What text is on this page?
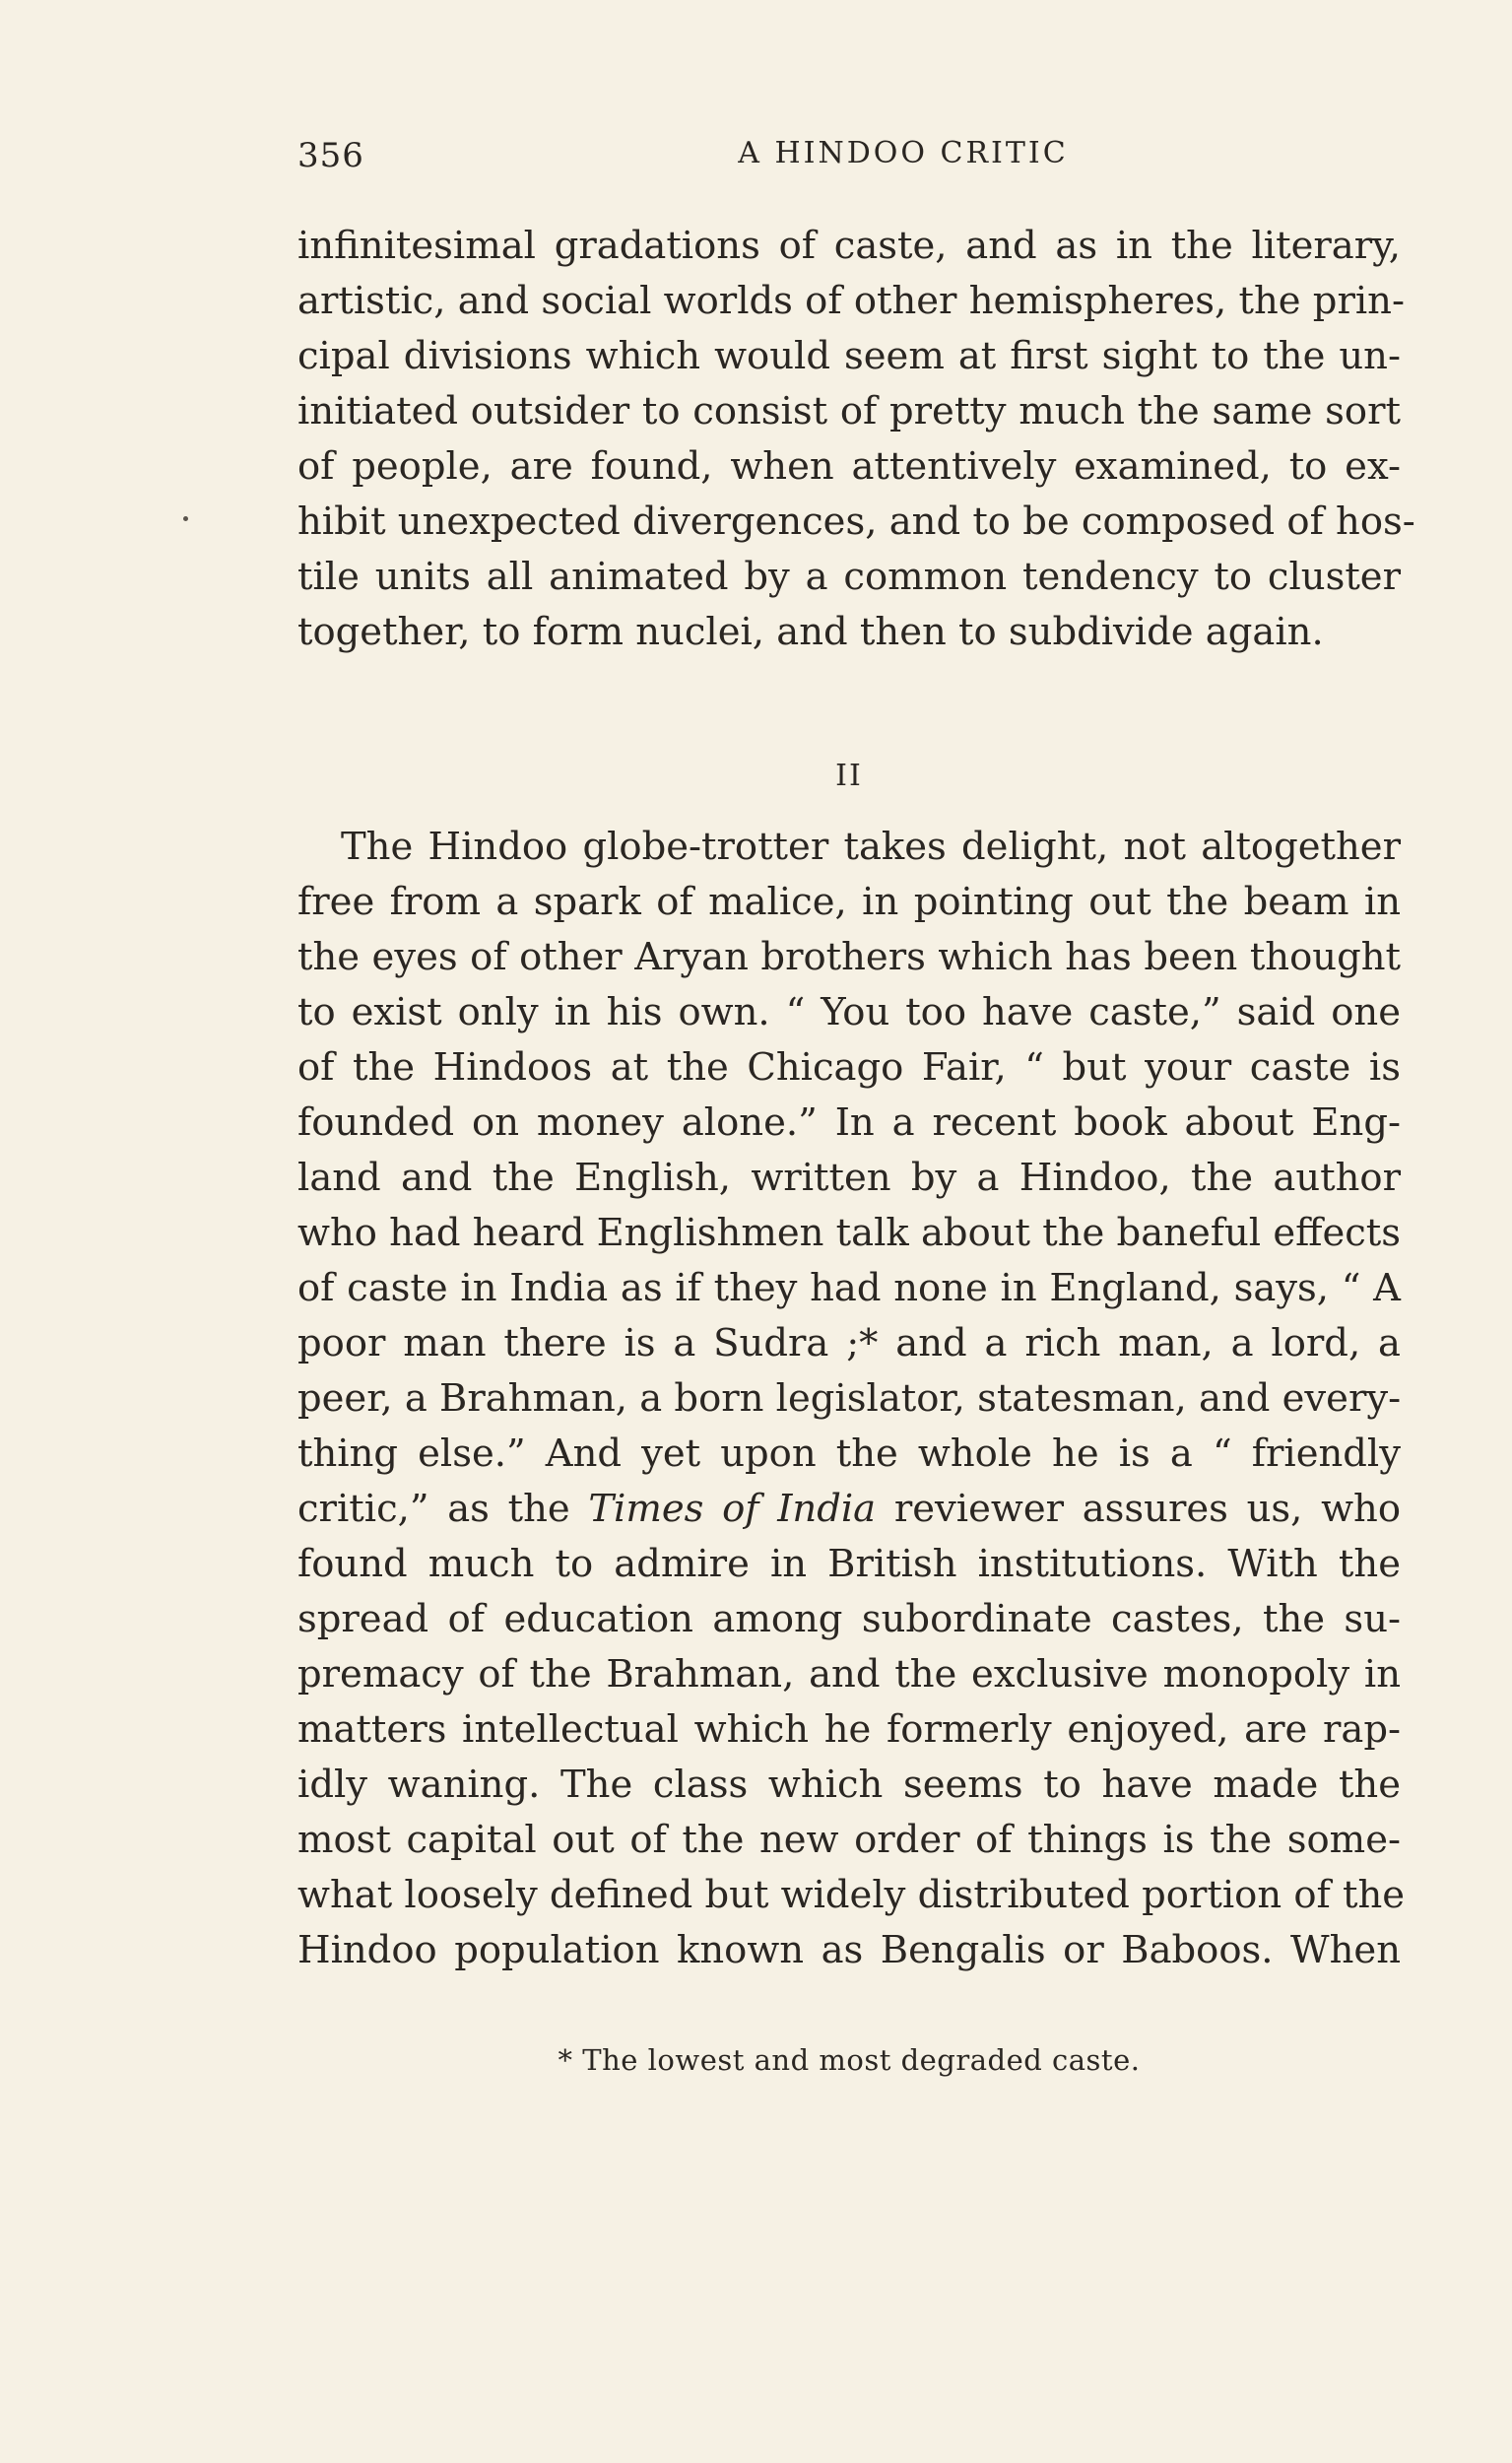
356	A HINDOO CRITIC

infinitesimal gradations of caste, and as in the literary,
artistic, and social worlds of other hemispheres, the prin-
cipal divisions which would seem at first sight to the un-
initiated outsider to consist of pretty much the same sort
of people, are found, when attentively examined, to ex-
hibit unexpected divergences, and to be composed of hos-
tile units all animated by a common tendency to cluster
together, to form nuclei, and then to subdivide again.

II

The Hindoo globe-trotter takes delight, not altogether
free from a spark of malice, in pointing out the beam in
the eyes of other Aryan brothers which has been thought
to exist only in his own. “ You too have caste,” said one
of the Hindoos at the Chicago Fair, “ but your caste is
founded on money alone.” In a recent book about Eng-
land and the English, written by a Hindoo, the author
who had heard Englishmen talk about the baneful effects
of caste in India as if they had none in England, says, “ A
poor man there is a Sudra ;* and a rich man, a lord, a
peer, a Brahman, a born legislator, statesman, and every-
thing else.” And yet upon the whole he is a “ friendly
critic,” as the Times of India reviewer assures us, who
found much to admire in British institutions. With the
spread of education among subordinate castes, the su-
premacy of the Brahman, and the exclusive monopoly in
matters intellectual which he formerly enjoyed, are rap-
idly waning. The class which seems to have made the
most capital out of the new order of things is the some-
what loosely defined but widely distributed portion of the
Hindoo population known as Bengalis or Baboos. When

* The lowest and most degraded caste.
